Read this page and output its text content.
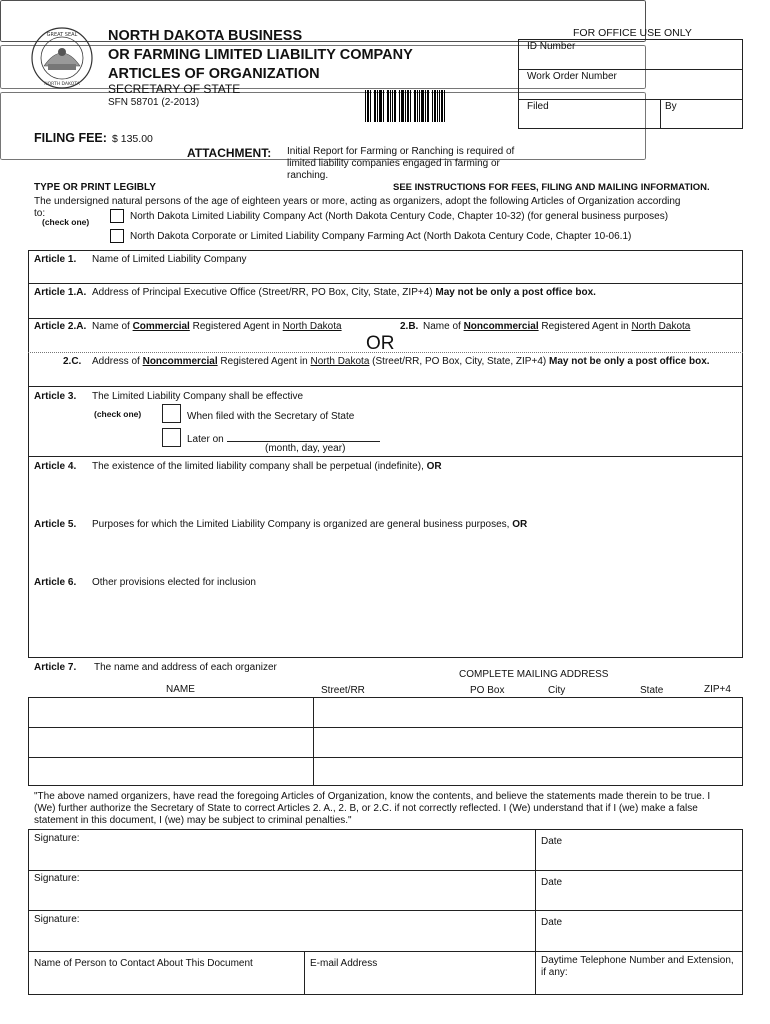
GREAT SEAL
NORTH DAKOTA
NORTH DAKOTA BUSINESS
OR FARMING LIMITED LIABILITY COMPANY
ARTICLES OF ORGANIZATION
SECRETARY OF STATE
SFN 58701 (2-2013)
FOR OFFICE USE ONLY
ID Number
Work Order Number
Filed	By
FILING FEE: $ 135.00
ATTACHMENT: Initial Report for Farming or Ranching is required of
limited liability companies engaged in farming or
ranching.
TYPE OR PRINT LEGIBLY	SEE INSTRUCTIONS FOR FEES, FILING AND MAILING INFORMATION.
The undersigned natural persons of the age of eighteen years or more, acting as organizers, adopt the following Articles of Organization according
to:
(check one)	North Dakota Limited Liability Company Act (North Dakota Century Code, Chapter 10-32) (for general business purposes)
North Dakota Corporate or Limited Liability Company Farming Act (North Dakota Century Code, Chapter 10-06.1)
Article 1. Name of Limited Liability Company
Article 1.A. Address of Principal Executive Office (Street/RR, PO Box, City, State, ZIP+4) May not be only a post office box.
Article 2.A. Name of Commercial Registered Agent in North Dakota	2.B. Name of Noncommercial Registered Agent in North Dakota
OR
2.C. Address of Noncommercial Registered Agent in North Dakota (Street/RR, PO Box, City, State, ZIP+4) May not be only a post office box.
Article 3. The Limited Liability Company shall be effective
(check one)	When filed with the Secretary of State
Later on
(month, day, year)
Article 4. The existence of the limited liability company shall be perpetual (indefinite), OR

Article 5. Purposes for which the Limited Liability Company is organized are general business purposes, OR

Article 6. Other provisions elected for inclusion
Article 7. The name and address of each organizer
COMPLETE MAILING ADDRESS
NAME	Street/RR	PO Box	City	State	ZIP+4
"The above named organizers, have read the foregoing Articles of Organization, know the contents, and believe the statements made therein to be true. I (We) further authorize the Secretary of State to correct Articles 2. A., 2. B, or 2.C. if not correctly reflected. I (We) understand that if I (we) make a false statement in this document, I (we) may be subject to criminal penalties."
Signature:	Date
Signature:	Date
Signature:	Date
Name of Person to Contact About This Document	E-mail Address	Daytime Telephone Number and Extension, if any:
